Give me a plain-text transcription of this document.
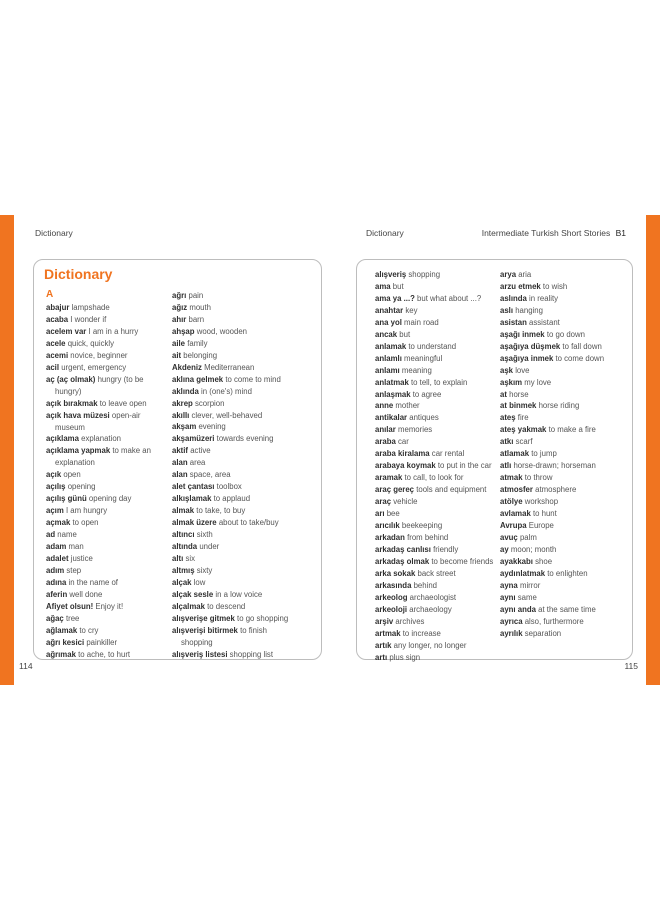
Dictionary	Dictionary	Intermediate Turkish Short Stories B1
Dictionary
A

abajur lampshade

acaba I wonder if

acelem var I am in a hurry

acele quick, quickly

acemi novice, beginner

acil urgent, emergency

aç (aç olmak) hungry (to be

hungry)

açık bırakmak to leave open

açık hava müzesi open-air

museum

açıklama explanation

açıklama yapmak to make an

explanation

açık open

açılış opening

açılış günü opening day

açım I am hungry

açmak to open

ad name

adam man

adalet justice

adım step

adına in the name of

aferin well done

Afiyet olsun! Enjoy it!

ağaç tree

ağlamak to cry

ağrı kesici painkiller

ağrımak to ache, to hurt

ağrı pain

ağız mouth

ahır barn

ahşap wood, wooden

aile family

ait belonging

Akdeniz Mediterranean

aklına gelmek to come to mind

aklında in (one's) mind

akrep scorpion

akıllı clever, well-behaved

akşam evening

akşamüzeri towards evening

aktif active

alan area

alan space, area

alet çantası toolbox

alkışlamak to applaud

almak to take, to buy

almak üzere about to take/buy

altıncı sixth

altında under

altı six

altmış sixty

alçak low

alçak sesle in a low voice

alçalmak to descend

alışverişe gitmek to go shopping

alışverişi bitirmek to finish

shopping

alışveriş listesi shopping list

alışveriş shopping

ama but

ama ya ...? but what about ...?

anahtar key

ana yol main road

ancak but

anlamak to understand

anlamlı meaningful

anlamı meaning

anlatmak to tell, to explain

anlaşmak to agree

anne mother

antikalar antiques

anılar memories

araba car

araba kiralama car rental

arabaya koymak to put in the car

aramak to call, to look for

araç gereç tools and equipment

araç vehicle

arı bee

arıcılık beekeeping

arkadan from behind

arkadaş canlısı friendly

arkadaş olmak to become friends

arka sokak back street

arkasında behind

arkeolog archaeologist

arkeoloji archaeology

arşiv archives

artmak to increase

artık any longer, no longer

artı plus sign

arya aria

arzu etmek to wish

aslında in reality

aslı hanging

asistan assistant

aşağı inmek to go down

aşağıya düşmek to fall down

aşağıya inmek to come down

aşk love

aşkım my love

at horse

at binmek horse riding

ateş fire

ateş yakmak to make a fire

atkı scarf

atlamak to jump

atlı horse-drawn; horseman

atmak to throw

atmosfer atmosphere

atölye workshop

avlamak to hunt

Avrupa Europe

avuç palm

ay moon; month

ayakkabı shoe

aydınlatmak to enlighten

ayna mirror

aynı same

aynı anda at the same time

ayrıca also, furthermore

ayrılık separation

114	115
